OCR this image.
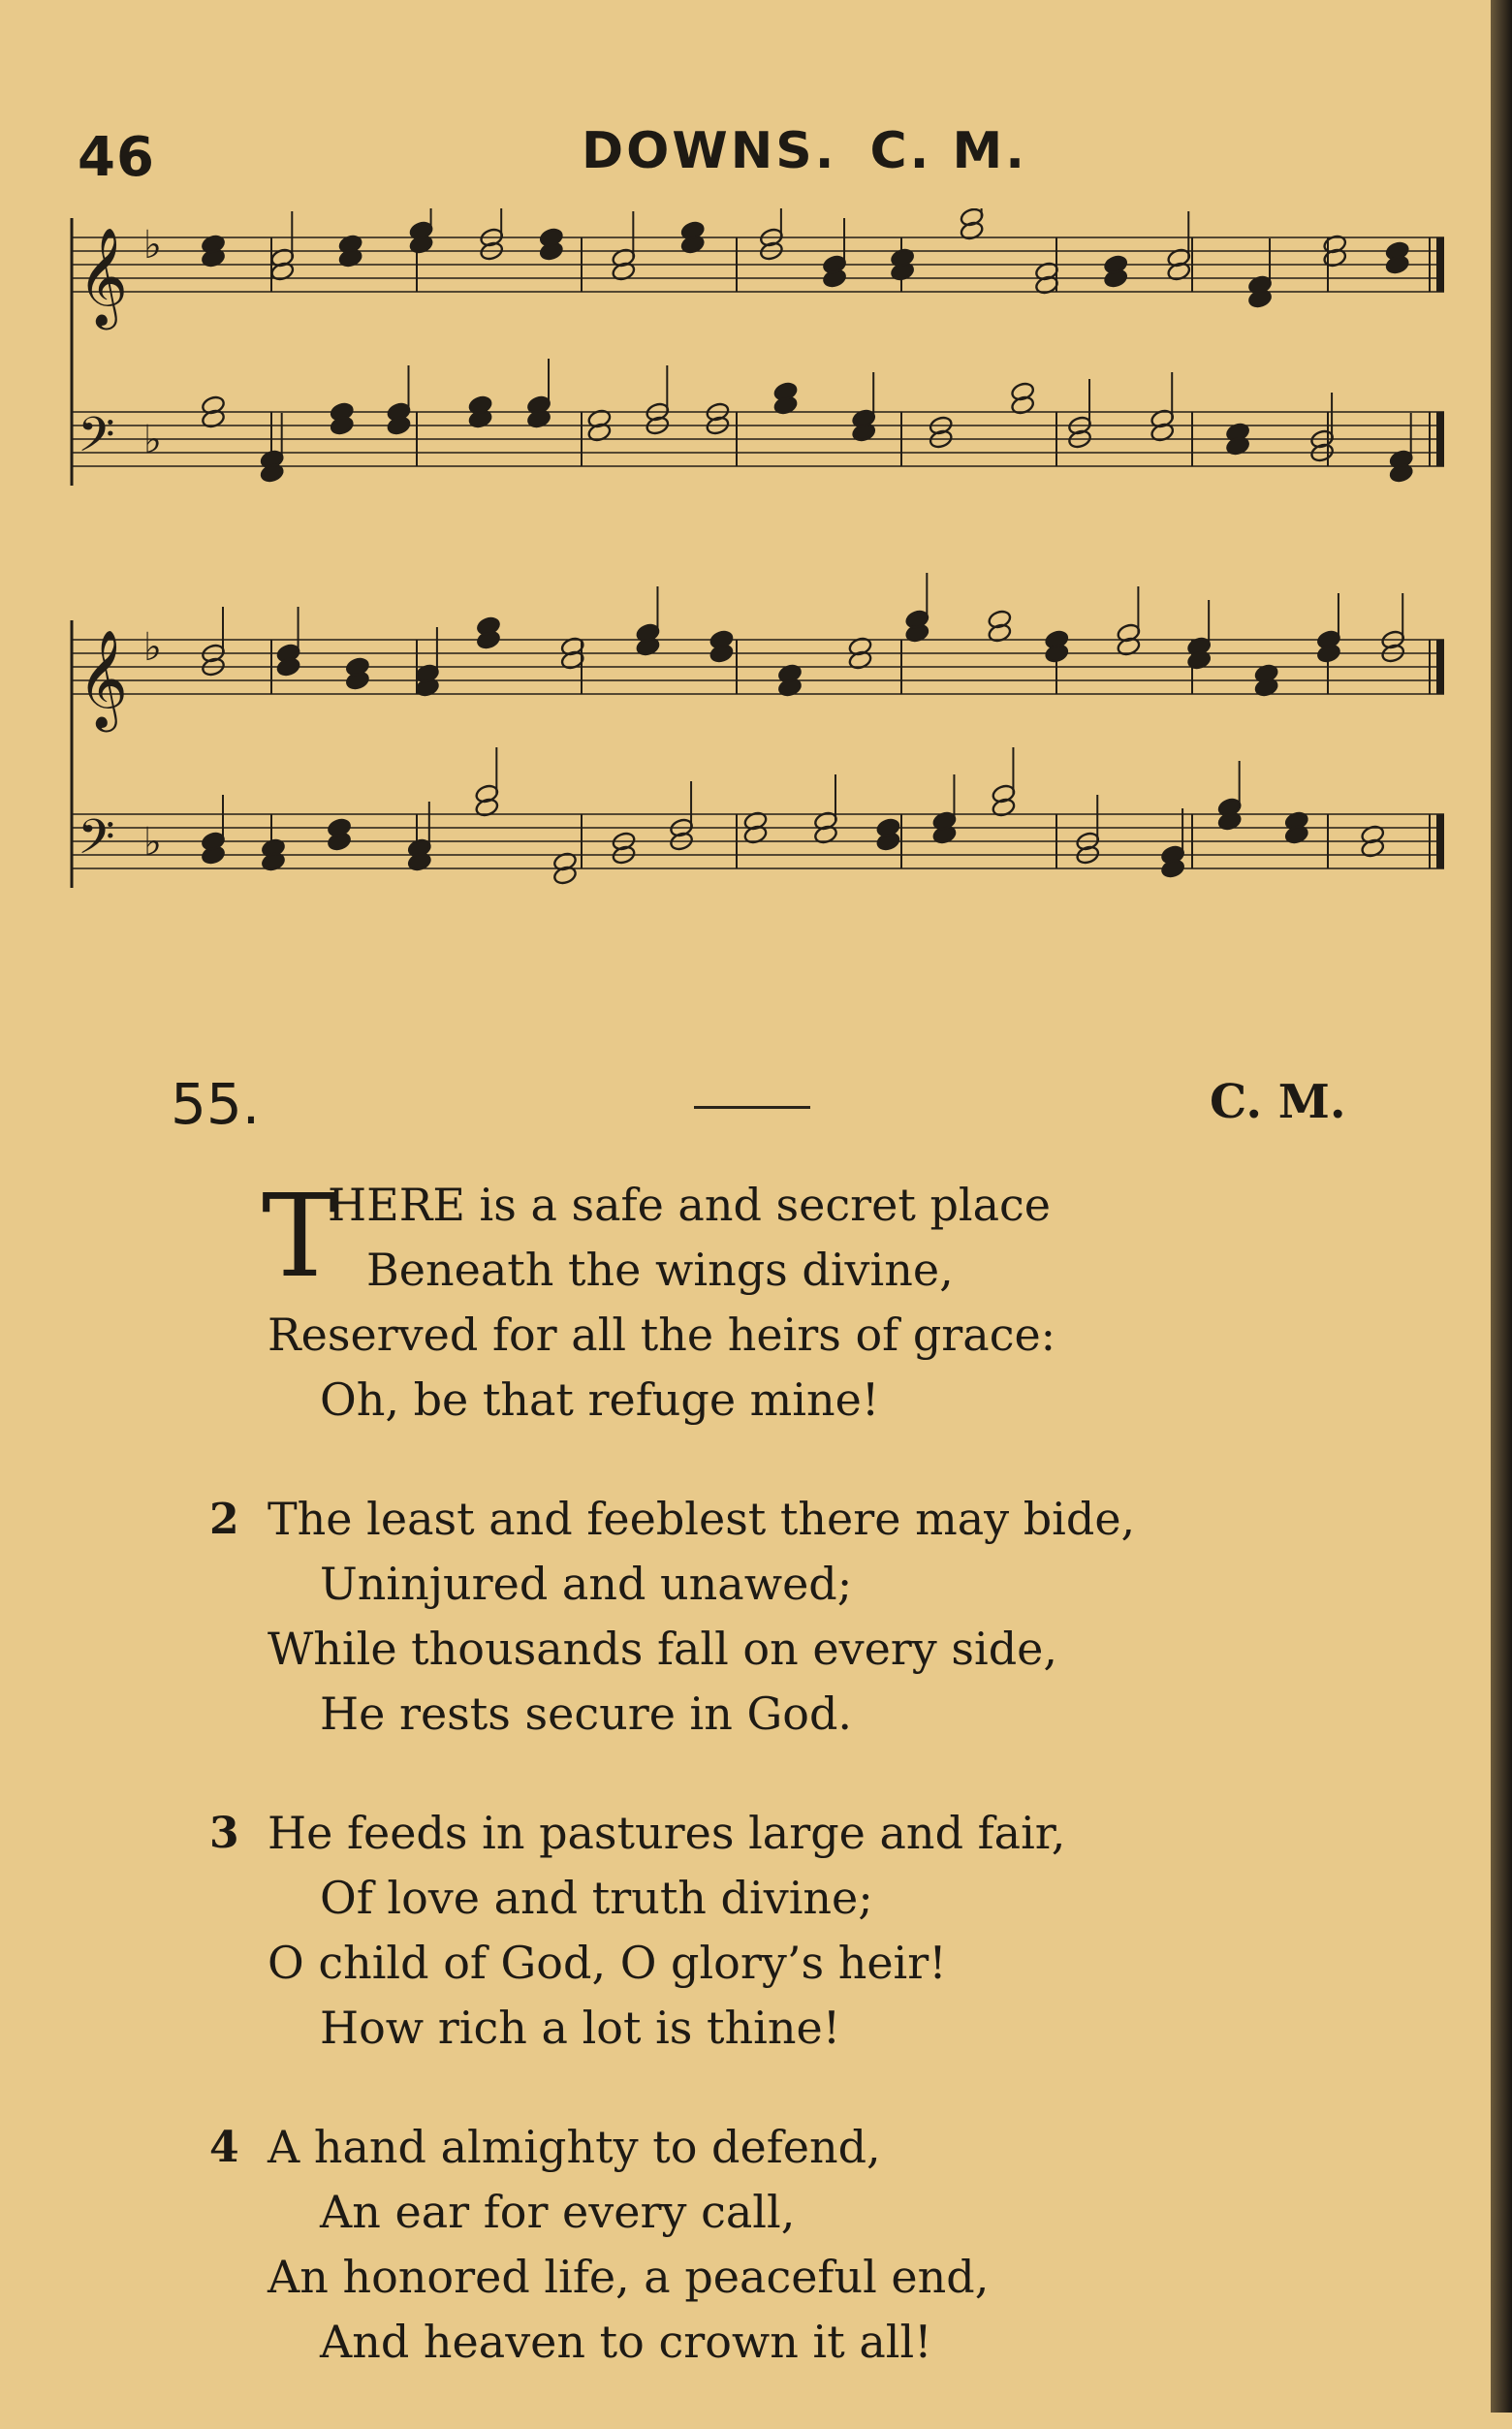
46	DOWNS. C. M.
𝄞 ♭
𝄢 ♭
𝄞 ♭
𝄢 ♭
55.	C. M.
T
HERE is a safe and secret place
Beneath the wings divine,
Reserved for all the heirs of grace:
Oh, be that refuge mine!
2 The least and feeblest there may bide,
Uninjured and unawed;
While thousands fall on every side,
He rests secure in God.
3 He feeds in pastures large and fair,
Of love and truth divine;
O child of God, O glory’s heir!
How rich a lot is thine!
4 A hand almighty to defend,
An ear for every call,
An honored life, a peaceful end,
And heaven to crown it all!
